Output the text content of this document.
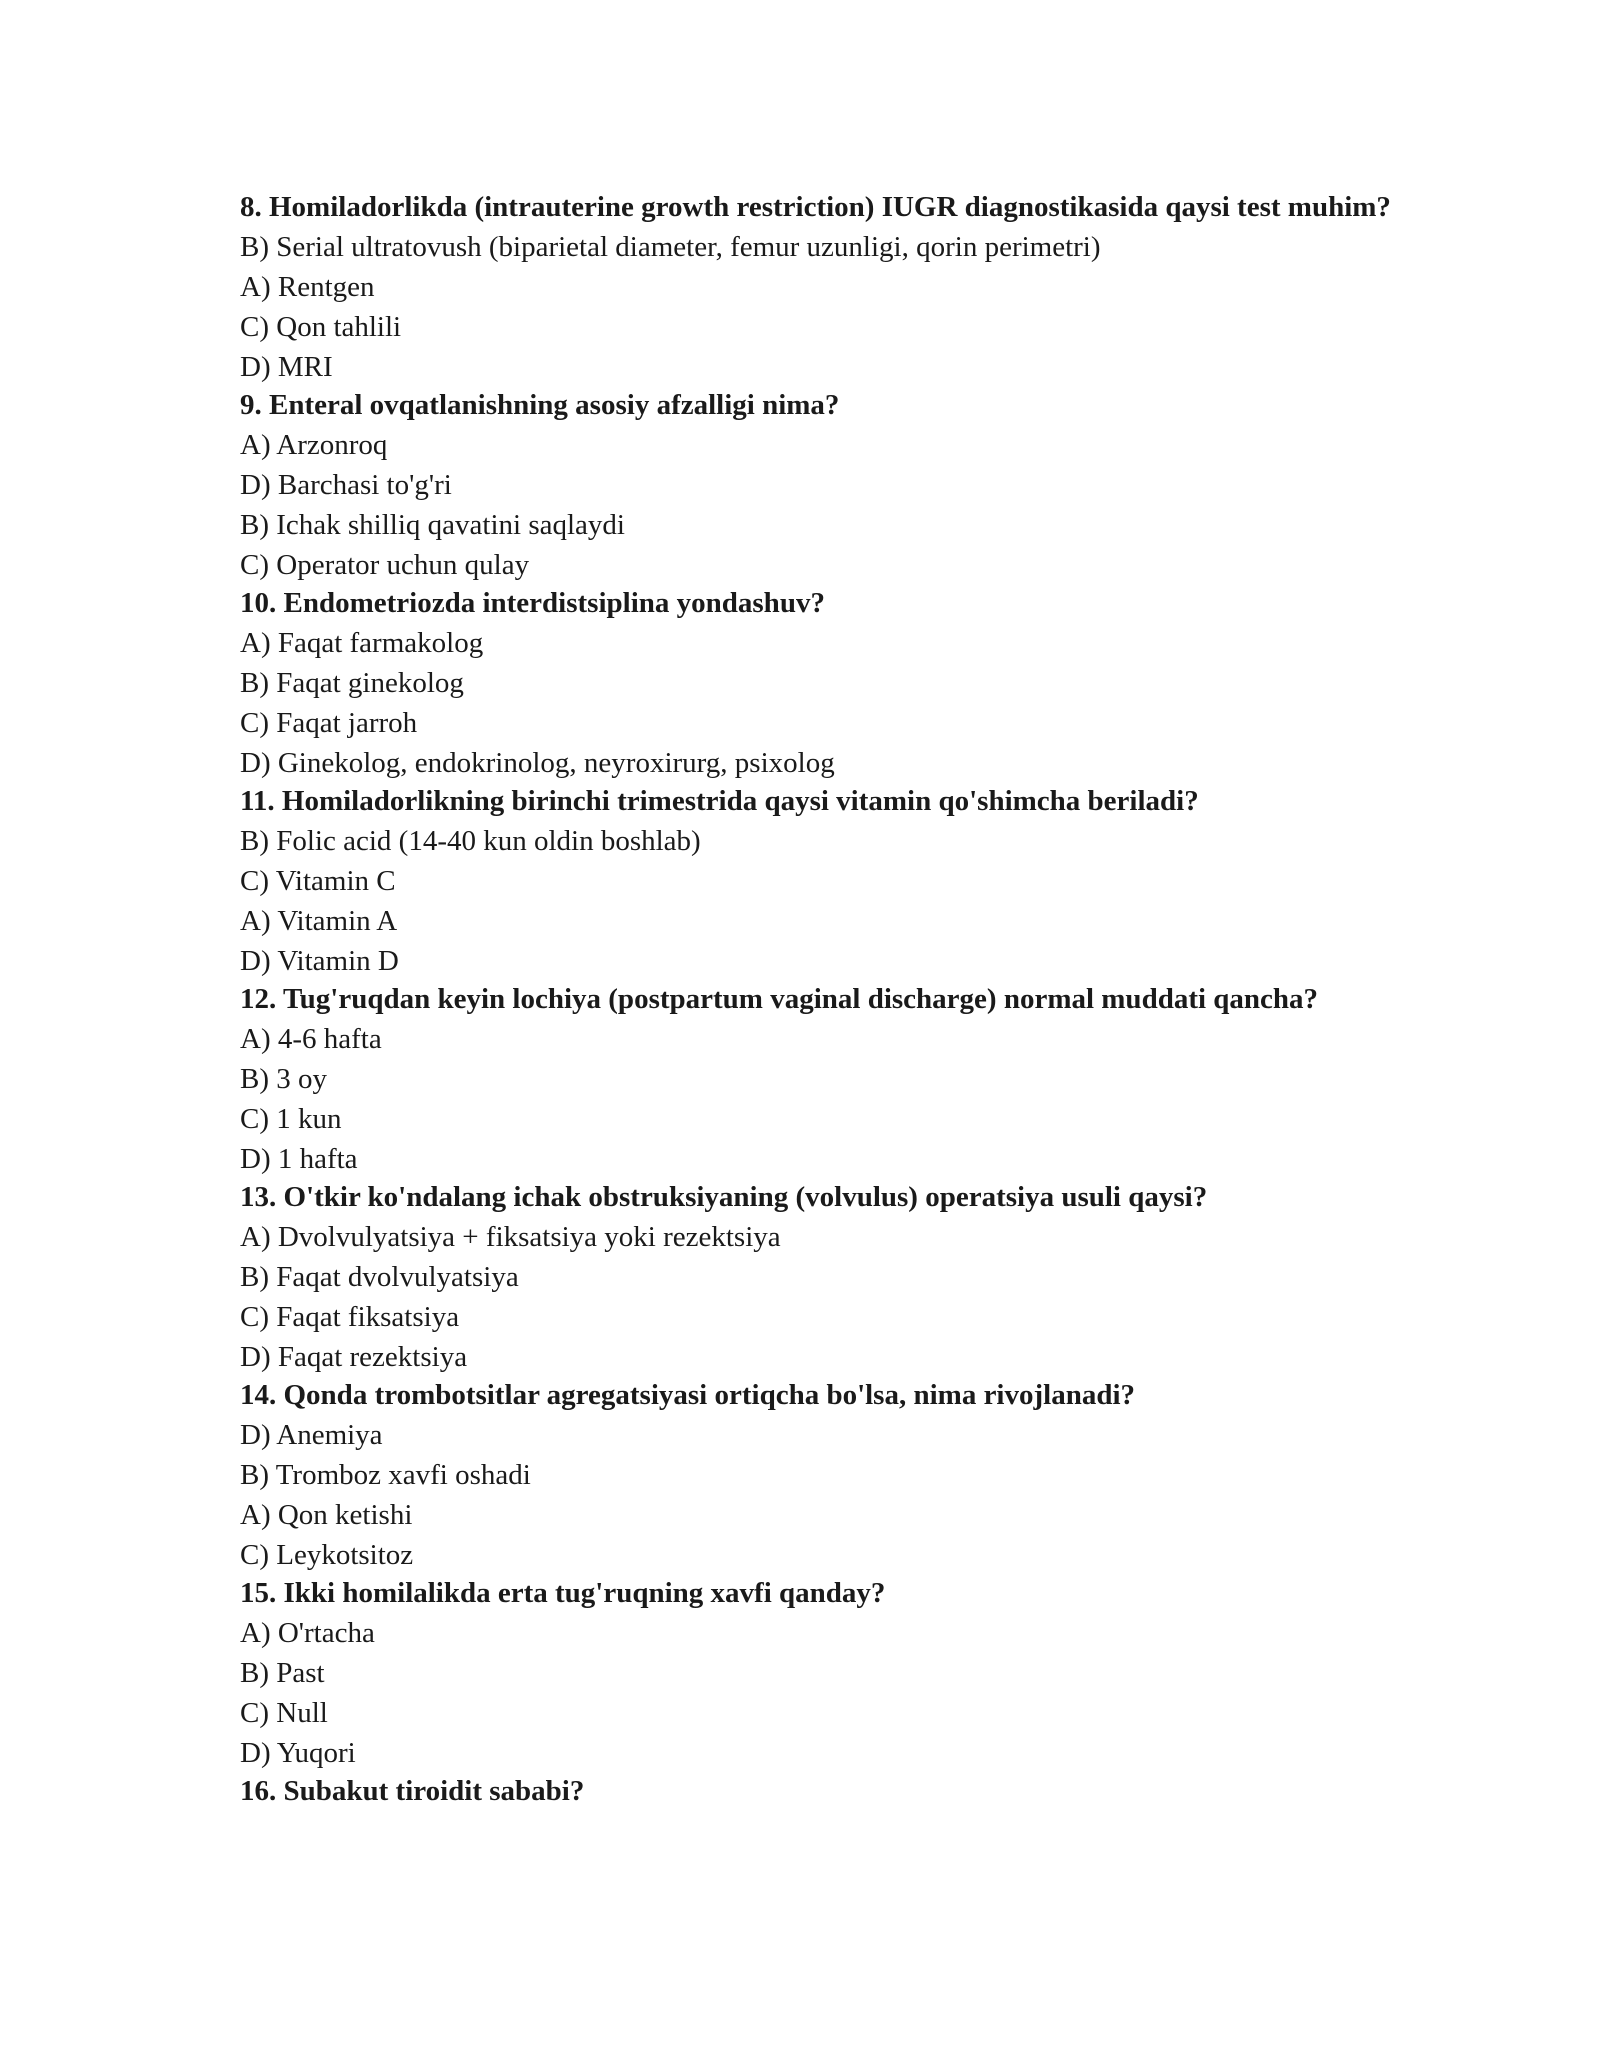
8. Homiladorlikda (intrauterine growth restriction) IUGR diagnostikasida qaysi test muhim?
B) Serial ultratovush (biparietal diameter, femur uzunligi, qorin perimetri)
A) Rentgen
C) Qon tahlili
D) MRI
9. Enteral ovqatlanishning asosiy afzalligi nima?
A) Arzonroq
D) Barchasi to'g'ri
B) Ichak shilliq qavatini saqlaydi
C) Operator uchun qulay
10. Endometriozda interdistsiplina yondashuv?
A) Faqat farmakolog
B) Faqat ginekolog
C) Faqat jarroh
D) Ginekolog, endokrinolog, neyroxirurg, psixolog
11. Homiladorlikning birinchi trimestrida qaysi vitamin qo'shimcha beriladi?
B) Folic acid (14-40 kun oldin boshlab)
C) Vitamin C
A) Vitamin A
D) Vitamin D
12. Tug'ruqdan keyin lochiya (postpartum vaginal discharge) normal muddati qancha?
A) 4-6 hafta
B) 3 oy
C) 1 kun
D) 1 hafta
13. O'tkir ko'ndalang ichak obstruksiyaning (volvulus) operatsiya usuli qaysi?
A) Dvolvulyatsiya + fiksatsiya yoki rezektsiya
B) Faqat dvolvulyatsiya
C) Faqat fiksatsiya
D) Faqat rezektsiya
14. Qonda trombotsitlar agregatsiyasi ortiqcha bo'lsa, nima rivojlanadi?
D) Anemiya
B) Tromboz xavfi oshadi
A) Qon ketishi
C) Leykotsitoz
15. Ikki homilalikda erta tug'ruqning xavfi qanday?
A) O'rtacha
B) Past
C) Null
D) Yuqori
16. Subakut tiroidit sababi?
